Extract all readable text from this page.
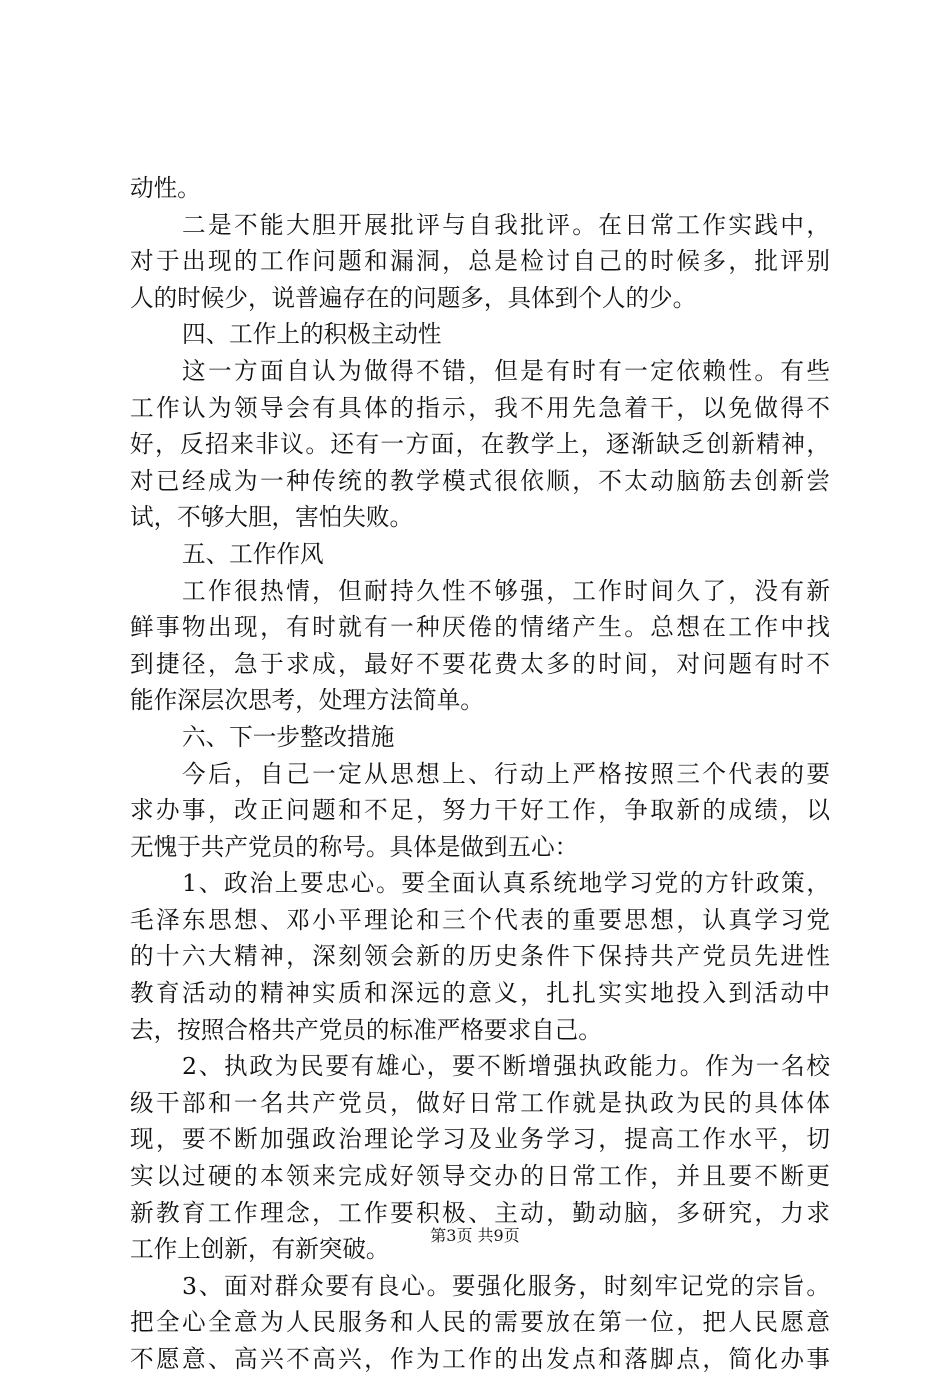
动性。
二是不能大胆开展批评与自我批评。在日常工作实践中，
对于出现的工作问题和漏洞，总是检讨自己的时候多，批评别
人的时候少，说普遍存在的问题多，具体到个人的少。
四、工作上的积极主动性
这一方面自认为做得不错，但是有时有一定依赖性。有些
工作认为领导会有具体的指示，我不用先急着干，以免做得不
好，反招来非议。还有一方面，在教学上，逐渐缺乏创新精神，
对已经成为一种传统的教学模式很依顺，不太动脑筋去创新尝
试，不够大胆，害怕失败。
五、工作作风
工作很热情，但耐持久性不够强，工作时间久了，没有新
鲜事物出现，有时就有一种厌倦的情绪产生。总想在工作中找
到捷径，急于求成，最好不要花费太多的时间，对问题有时不
能作深层次思考，处理方法简单。
六、下一步整改措施
今后，自己一定从思想上、行动上严格按照三个代表的要
求办事，改正问题和不足，努力干好工作，争取新的成绩，以
无愧于共产党员的称号。具体是做到五心：
1、政治上要忠心。要全面认真系统地学习党的方针政策，
毛泽东思想、邓小平理论和三个代表的重要思想，认真学习党
的十六大精神，深刻领会新的历史条件下保持共产党员先进性
教育活动的精神实质和深远的意义，扎扎实实地投入到活动中
去，按照合格共产党员的标准严格要求自己。
2、执政为民要有雄心，要不断增强执政能力。作为一名校
级干部和一名共产党员，做好日常工作就是执政为民的具体体
现，要不断加强政治理论学习及业务学习，提高工作水平，切
实以过硬的本领来完成好领导交办的日常工作，并且要不断更
新教育工作理念，工作要积极、主动，勤动脑，多研究，力求
工作上创新，有新突破。
3、面对群众要有良心。要强化服务，时刻牢记党的宗旨。
把全心全意为人民服务和人民的需要放在第一位，把人民愿意
不愿意、高兴不高兴，作为工作的出发点和落脚点，简化办事
第3页 共9页
